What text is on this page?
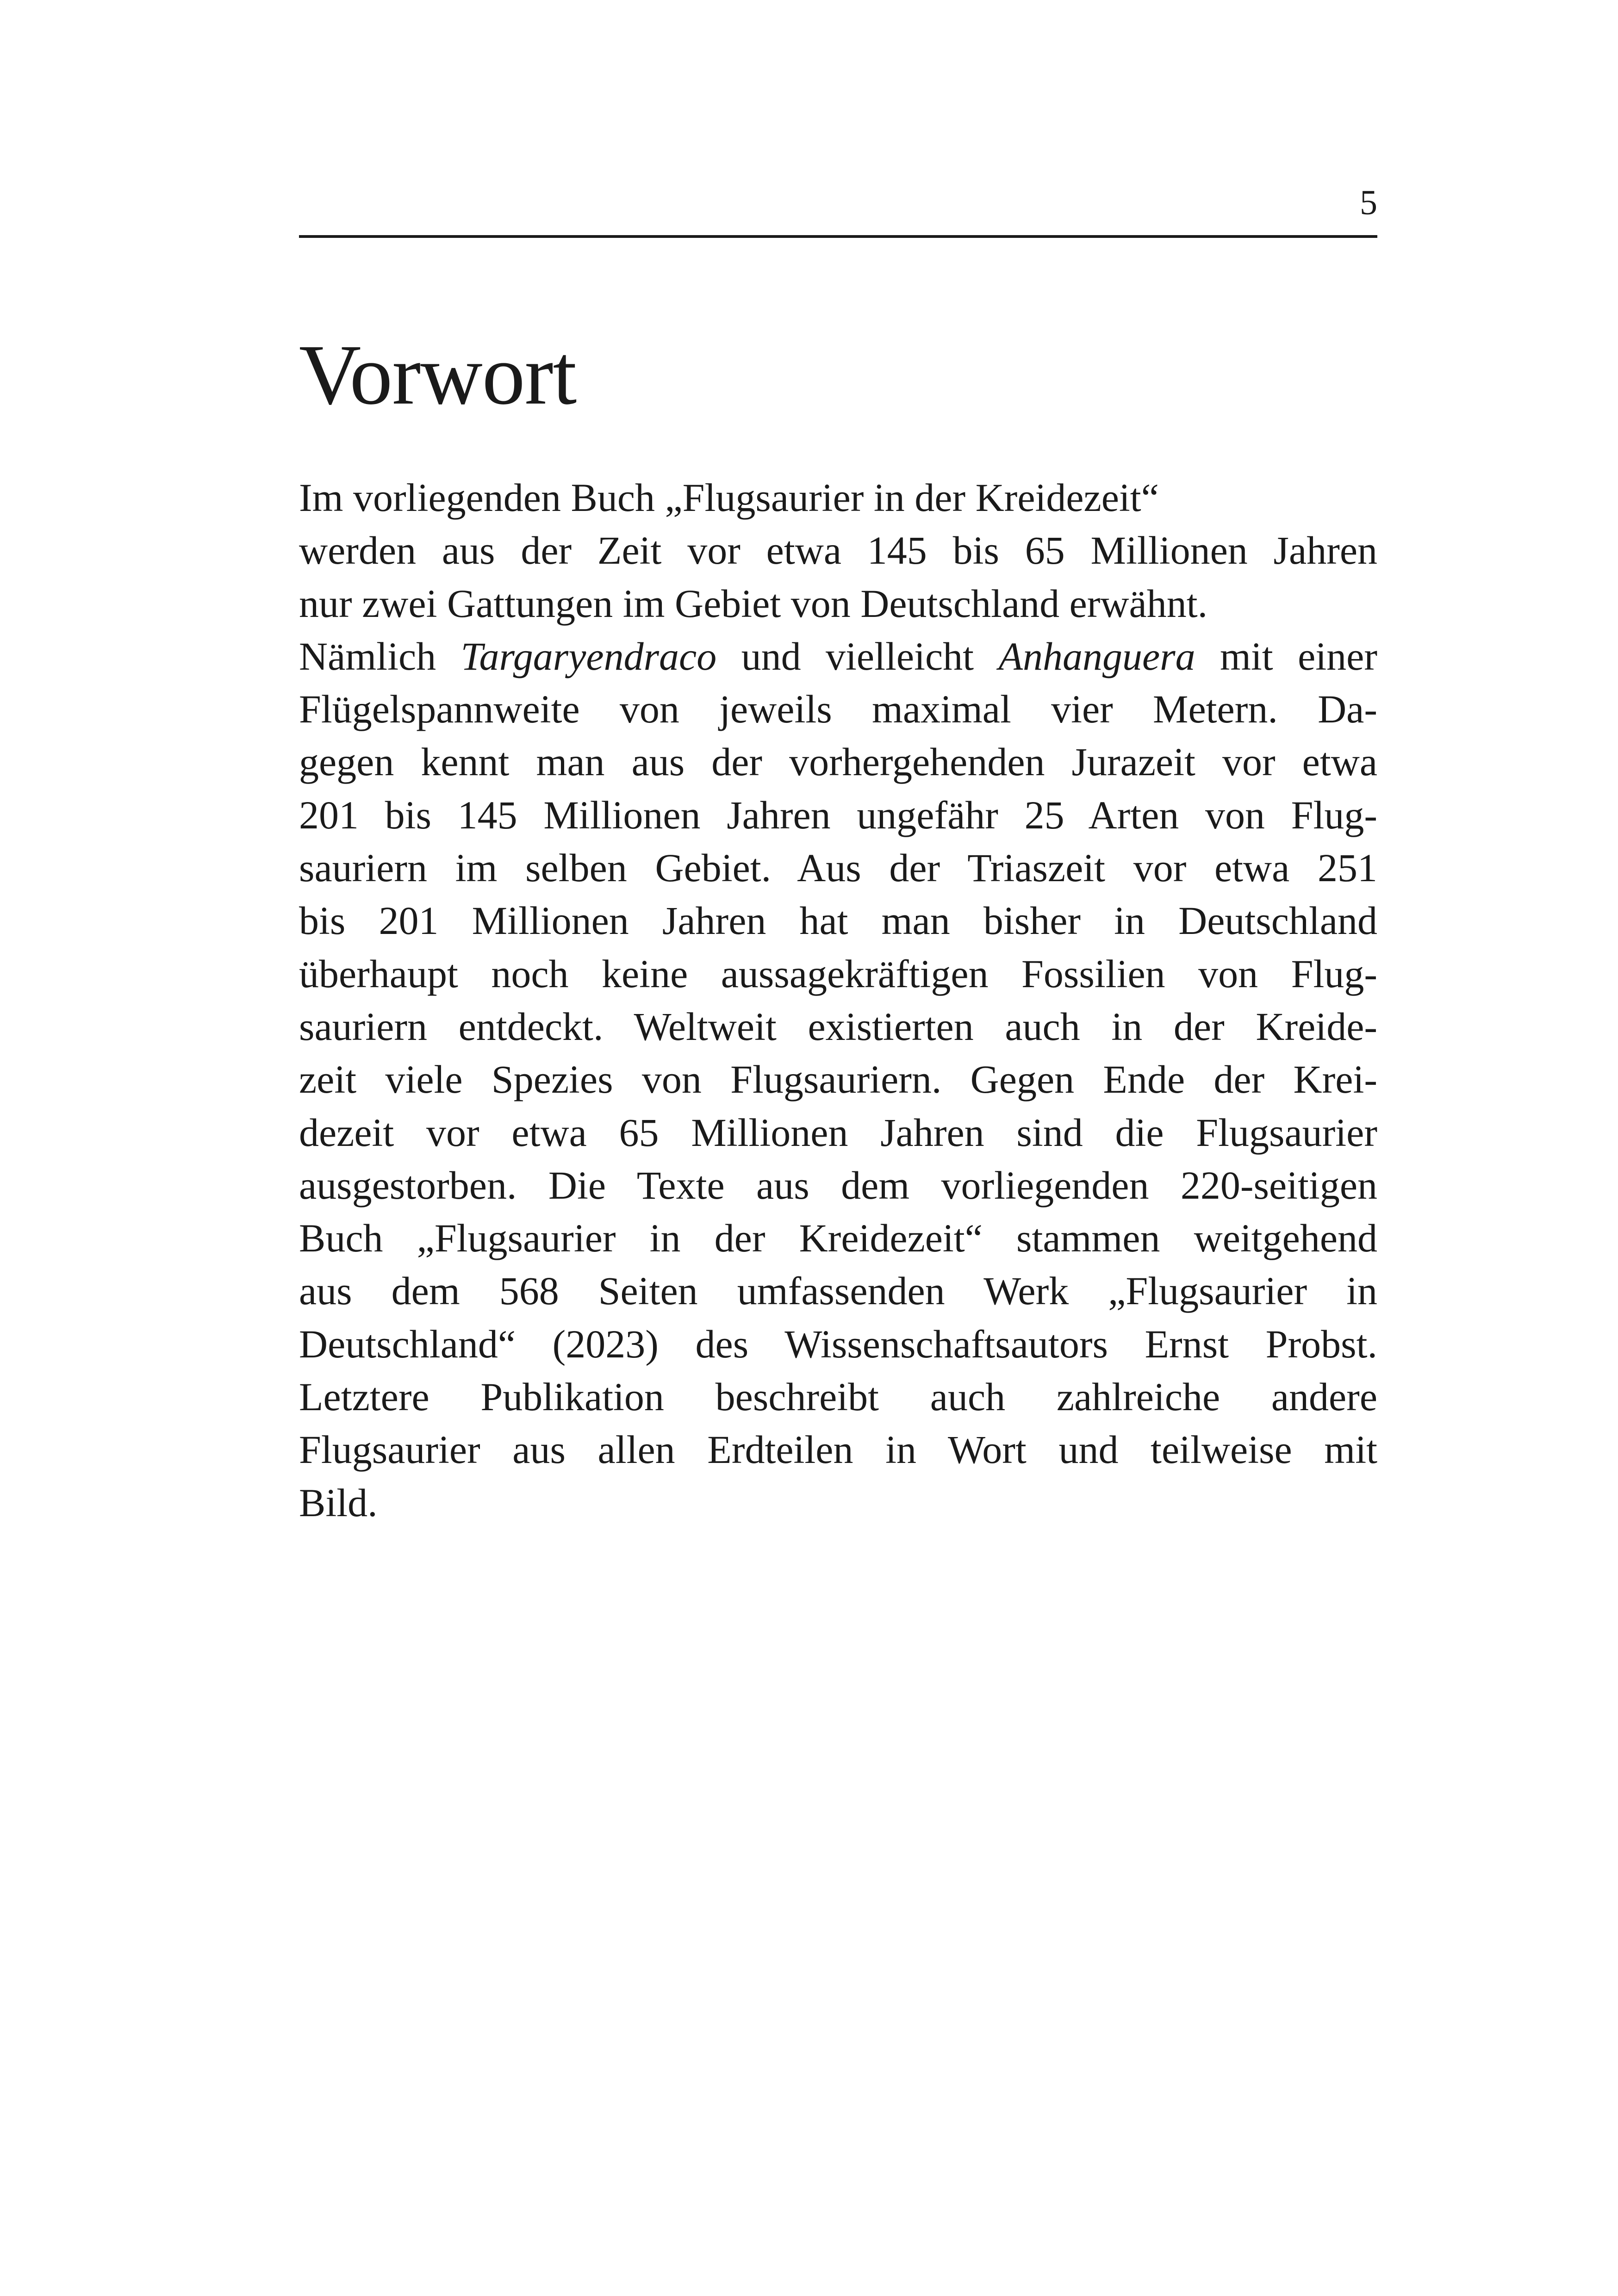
5
Vorwort
Im vorliegenden Buch „Flugsaurier in der Kreidezeit“
werden aus der Zeit vor etwa 145 bis 65 Millionen Jahren
nur zwei Gattungen im Gebiet von Deutschland erwähnt.
Nämlich Targaryendraco und vielleicht Anhanguera mit einer
Flügelspannweite von jeweils maximal vier Metern. Da-
gegen kennt man aus der vorhergehenden Jurazeit vor etwa
201 bis 145 Millionen Jahren ungefähr 25 Arten von Flug-
sauriern im selben Gebiet. Aus der Triaszeit vor etwa 251
bis 201 Millionen Jahren hat man bisher in Deutschland
überhaupt noch keine aussagekräftigen Fossilien von Flug-
sauriern entdeckt. Weltweit existierten auch in der Kreide-
zeit viele Spezies von Flugsauriern. Gegen Ende der Krei-
dezeit vor etwa 65 Millionen Jahren sind die Flugsaurier
ausgestorben. Die Texte aus dem vorliegenden 220-seitigen
Buch „Flugsaurier in der Kreidezeit“ stammen weitgehend
aus dem 568 Seiten umfassenden Werk „Flugsaurier in
Deutschland“ (2023) des Wissenschaftsautors Ernst Probst.
Letztere Publikation beschreibt auch zahlreiche andere
Flugsaurier aus allen Erdteilen in Wort und teilweise mit
Bild.
